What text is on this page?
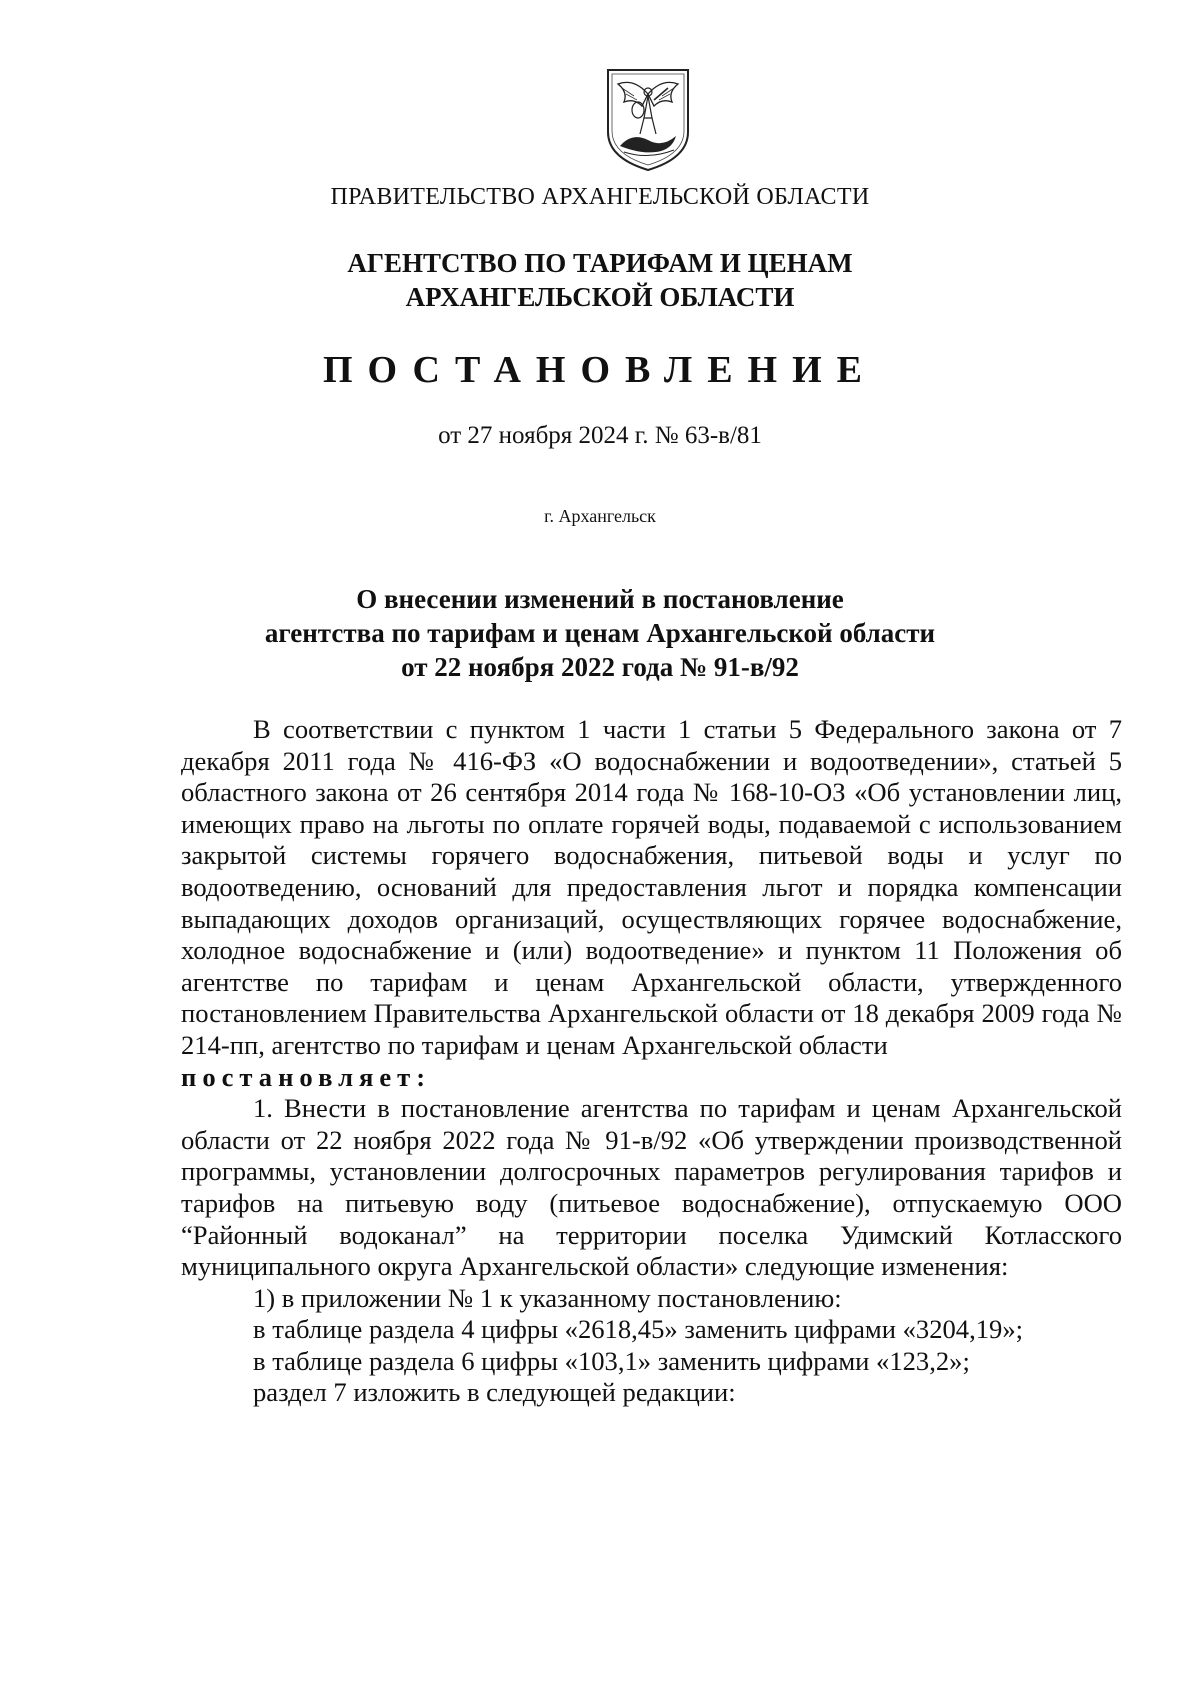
ПРАВИТЕЛЬСТВО АРХАНГЕЛЬСКОЙ ОБЛАСТИ
АГЕНТСТВО ПО ТАРИФАМ И ЦЕНАМ
АРХАНГЕЛЬСКОЙ ОБЛАСТИ
ПОСТАНОВЛЕНИЕ
от 27 ноября 2024 г. № 63-в/81
г. Архангельск
О внесении изменений в постановление
агентства по тарифам и ценам Архангельской области
от 22 ноября 2022 года № 91-в/92

В соответствии с пунктом 1 части 1 статьи 5 Федерального закона от 7 декабря 2011 года № 416-ФЗ «О водоснабжении и водоотведении», статьей 5 областного закона от 26 сентября 2014 года № 168-10-ОЗ «Об установлении лиц, имеющих право на льготы по оплате горячей воды, подаваемой с использованием закрытой системы горячего водоснабжения, питьевой воды и услуг по водоотведению, оснований для предоставления льгот и порядка компенсации выпадающих доходов организаций, осуществляющих горячее водоснабжение, холодное водоснабжение и (или) водоотведение» и пунктом 11 Положения об агентстве по тарифам и ценам Архангельской области, утвержденного постановлением Правительства Архангельской области от 18 декабря 2009 года № 214-пп, агентство по тарифам и ценам Архангельской области

постановляет:

1. Внести в постановление агентства по тарифам и ценам Архангельской области от 22 ноября 2022 года № 91-в/92 «Об утверждении производственной программы, установлении долгосрочных параметров регулирования тарифов и тарифов на питьевую воду (питьевое водоснабжение), отпускаемую ООО “Районный водоканал” на территории поселка Удимский Котласского муниципального округа Архангельской области» следующие изменения:

1) в приложении № 1 к указанному постановлению:

в таблице раздела 4 цифры «2618,45» заменить цифрами «3204,19»;

в таблице раздела 6 цифры «103,1» заменить цифрами «123,2»;

раздел 7 изложить в следующей редакции:
